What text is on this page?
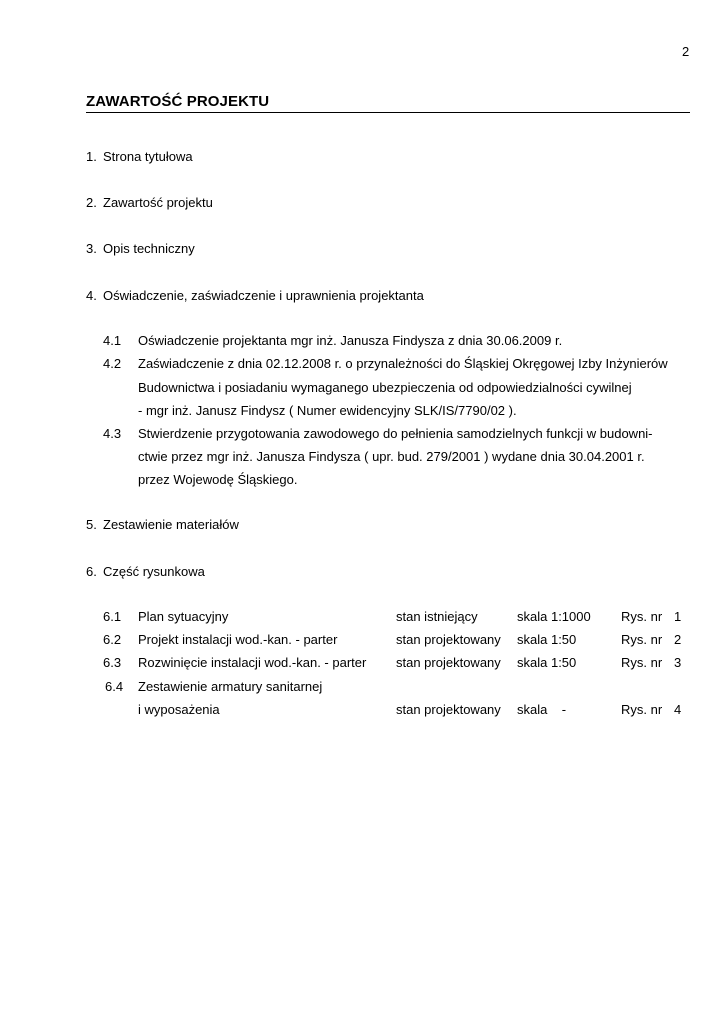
2
ZAWARTOŚĆ PROJEKTU
1. Strona tytułowa
2. Zawartość projektu
3. Opis techniczny
4. Oświadczenie, zaświadczenie i uprawnienia projektanta
4.1 Oświadczenie projektanta mgr inż. Janusza Findysza z dnia 30.06.2009 r.
4.2 Zaświadczenie z dnia 02.12.2008 r. o przynależności do Śląskiej Okręgowej Izby Inżynierów
Budownictwa i posiadaniu wymaganego ubezpieczenia od odpowiedzialności cywilnej
- mgr inż. Janusz Findysz ( Numer ewidencyjny SLK/IS/7790/02 ).
4.3 Stwierdzenie przygotowania zawodowego do pełnienia samodzielnych funkcji w budowni-
ctwie przez mgr inż. Janusza Findysza ( upr. bud. 279/2001 ) wydane dnia 30.04.2001 r.
przez Wojewodę Śląskiego.
5. Zestawienie materiałów
6. Część rysunkowa
6.1 Plan sytuacyjny	stan istniejący	skala 1:1000 Rys. nr 1
6.2 Projekt instalacji wod.-kan. - parter	stan projektowany skala 1:50	Rys. nr 2
6.3 Rozwinięcie instalacji wod.-kan. - parter stan projektowany skala 1:50	Rys. nr 3
6.4 Zestawienie armatury sanitarnej
i wyposażenia	stan projektowany skala    -	Rys. nr 4
